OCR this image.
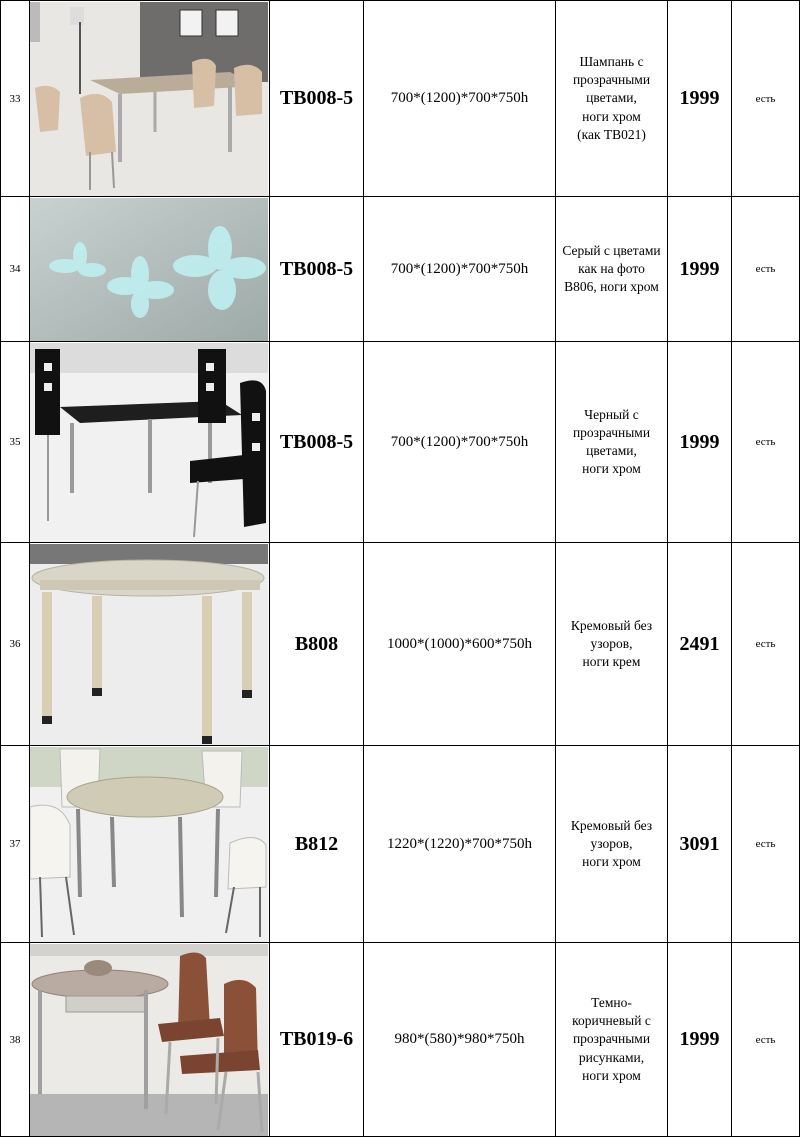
33		TB008-5	700*(1200)*700*750h	Шампань с
прозрачными
цветами,
ноги хром
(как TB021)	1999	есть
34		TB008-5	700*(1200)*700*750h	Серый с цветами
как на фото
B806, ноги хром	1999	есть
35		TB008-5	700*(1200)*700*750h	Черный с
прозрачными
цветами,
ноги хром	1999	есть
36		B808	1000*(1000)*600*750h	Кремовый без
узоров,
ноги крем	2491	есть
37		B812	1220*(1220)*700*750h	Кремовый без
узоров,
ноги хром	3091	есть
38		TB019-6	980*(580)*980*750h	Темно-
коричневый с
прозрачными
рисунками,
ноги хром	1999	есть
